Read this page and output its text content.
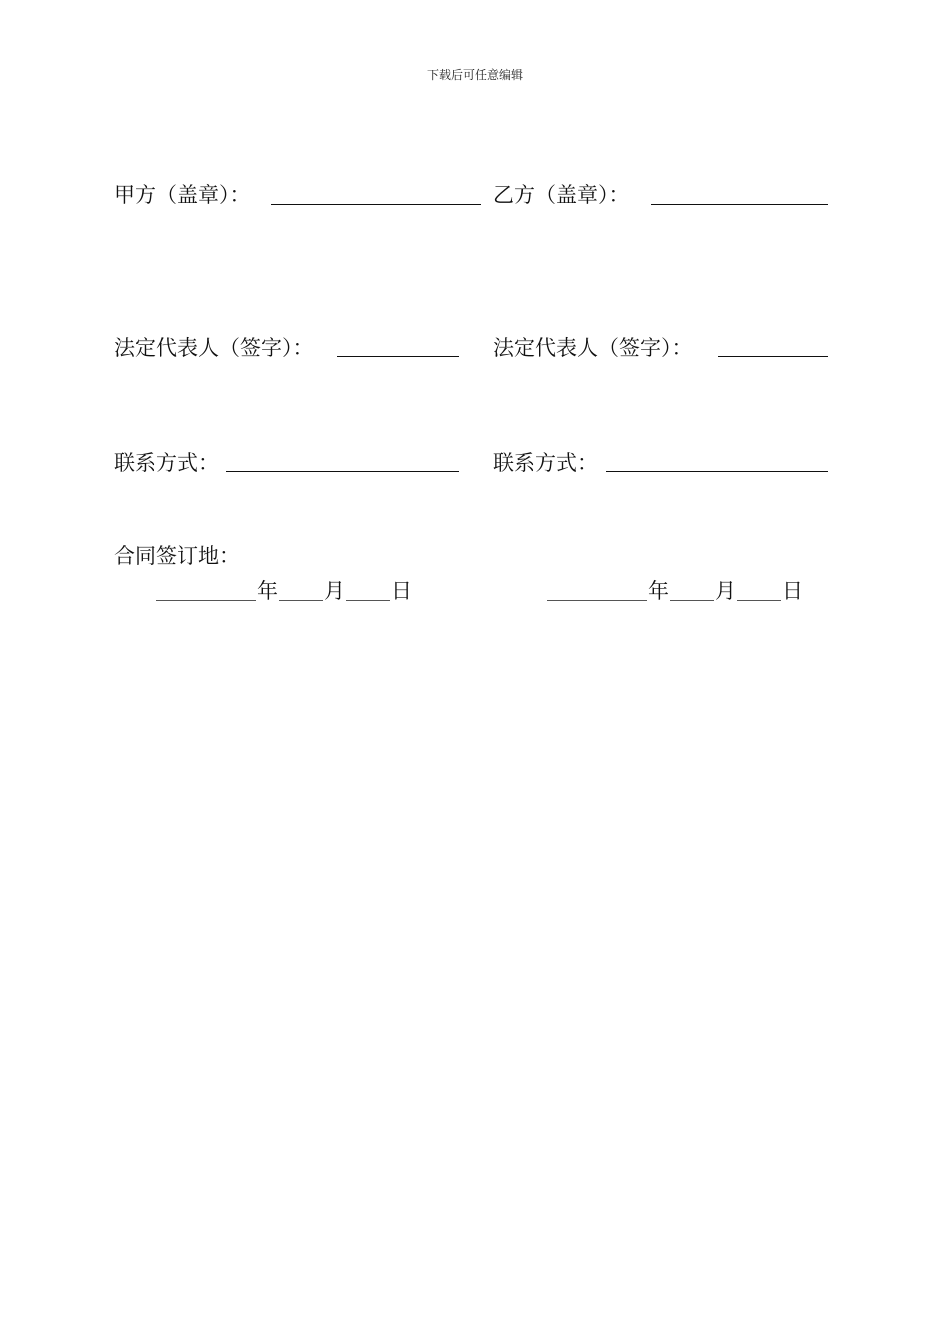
下载后可任意编辑
甲方（盖章）：	乙方（盖章）：
法定代表人（签字）：	法定代表人（签字）：
联系方式：	联系方式：
合同签订地：
年 月 日	年 月 日
